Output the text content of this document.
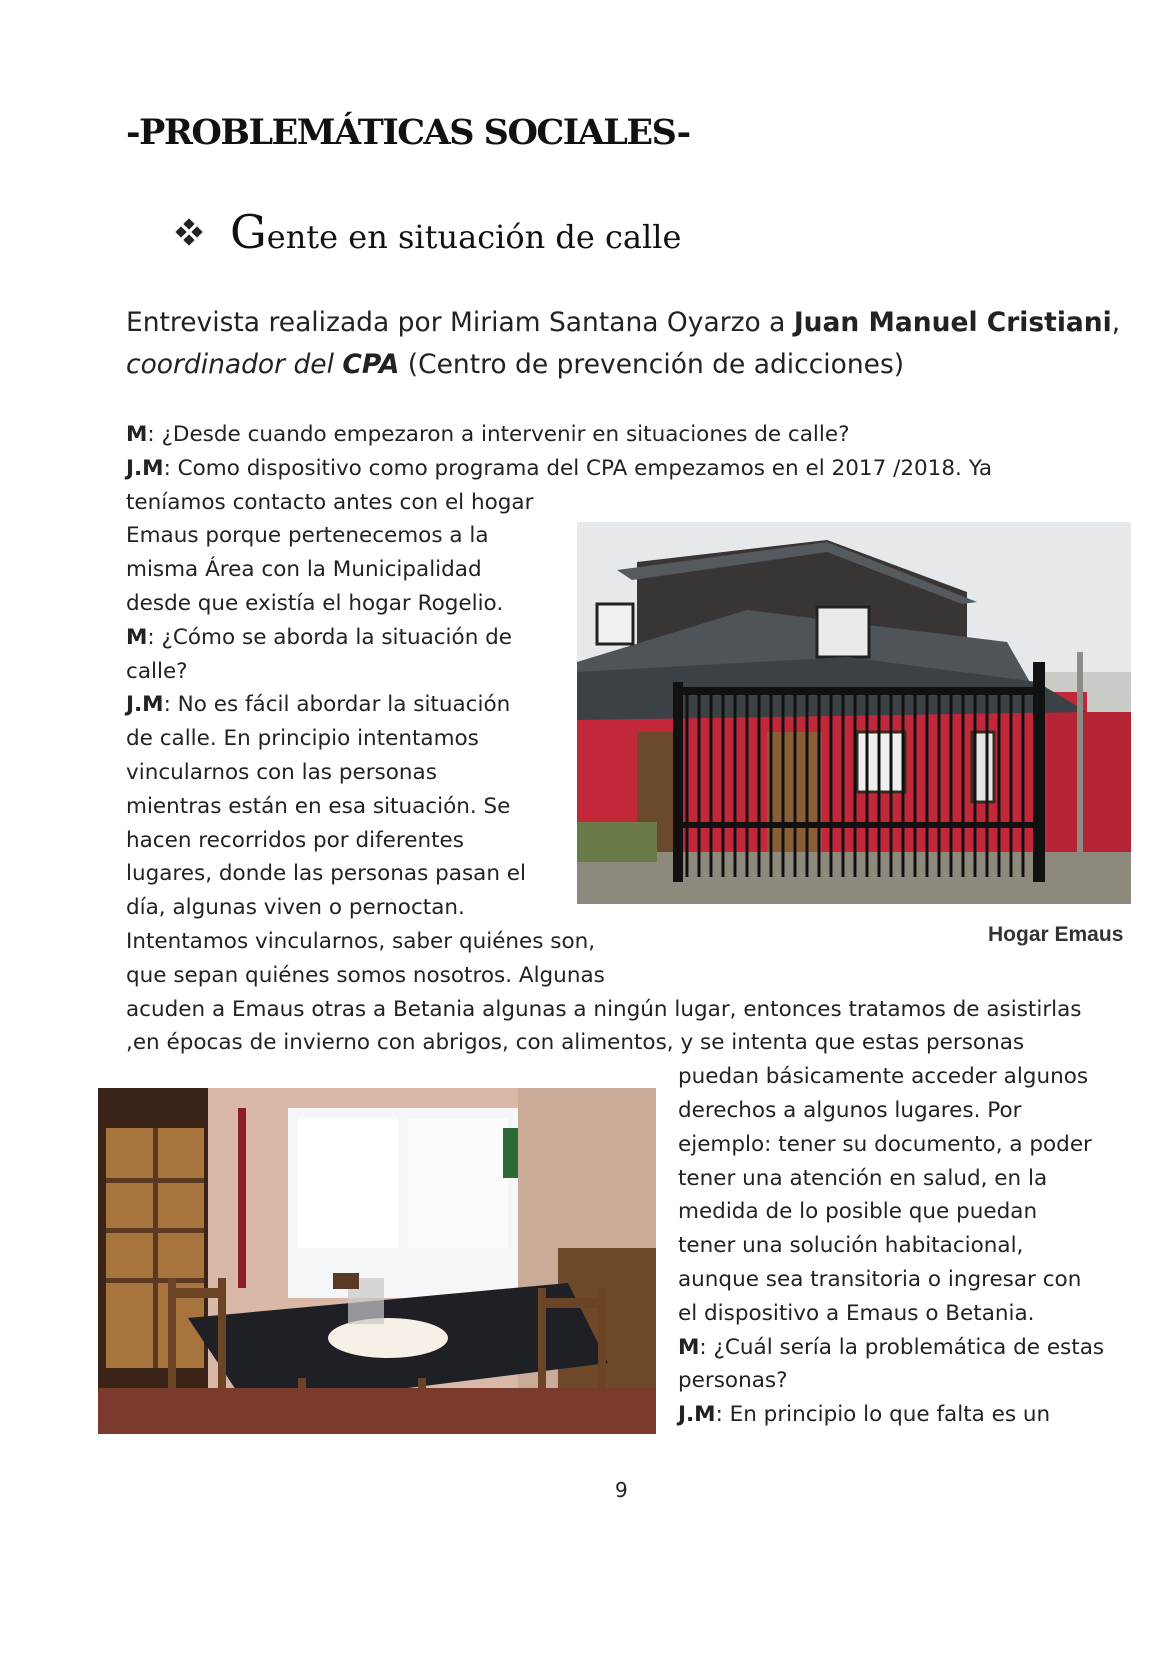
-PROBLEMÁTICAS SOCIALES-
Gente en situación de calle
Entrevista realizada por Miriam Santana Oyarzo a Juan Manuel Cristiani,
coordinador del CPA (Centro de prevención de adicciones)
M: ¿Desde cuando empezaron a intervenir en situaciones de calle?
J.M: Como dispositivo como programa del CPA empezamos en el 2017 /2018. Ya
teníamos contacto antes con el hogar
Emaus porque pertenecemos a la
misma Área con la Municipalidad
desde que existía el hogar Rogelio.
M: ¿Cómo se aborda la situación de
calle?
J.M: No es fácil abordar la situación
de calle. En principio intentamos
vincularnos con las personas
mientras están en esa situación. Se
hacen recorridos por diferentes
lugares, donde las personas pasan el
día, algunas viven o pernoctan.
Intentamos vincularnos, saber quiénes son,
que sepan quiénes somos nosotros. Algunas
acuden a Emaus otras a Betania algunas a ningún lugar, entonces tratamos de asistirlas
,en épocas de invierno con abrigos, con alimentos, y se intenta que estas personas
puedan básicamente acceder algunos
derechos a algunos lugares. Por
ejemplo: tener su documento, a poder
tener una atención en salud, en la
medida de lo posible que puedan
tener una solución habitacional,
aunque sea transitoria o ingresar con
el dispositivo a Emaus o Betania.
M: ¿Cuál sería la problemática de estas
personas?
J.M: En principio lo que falta es un
Hogar Emaus
9
